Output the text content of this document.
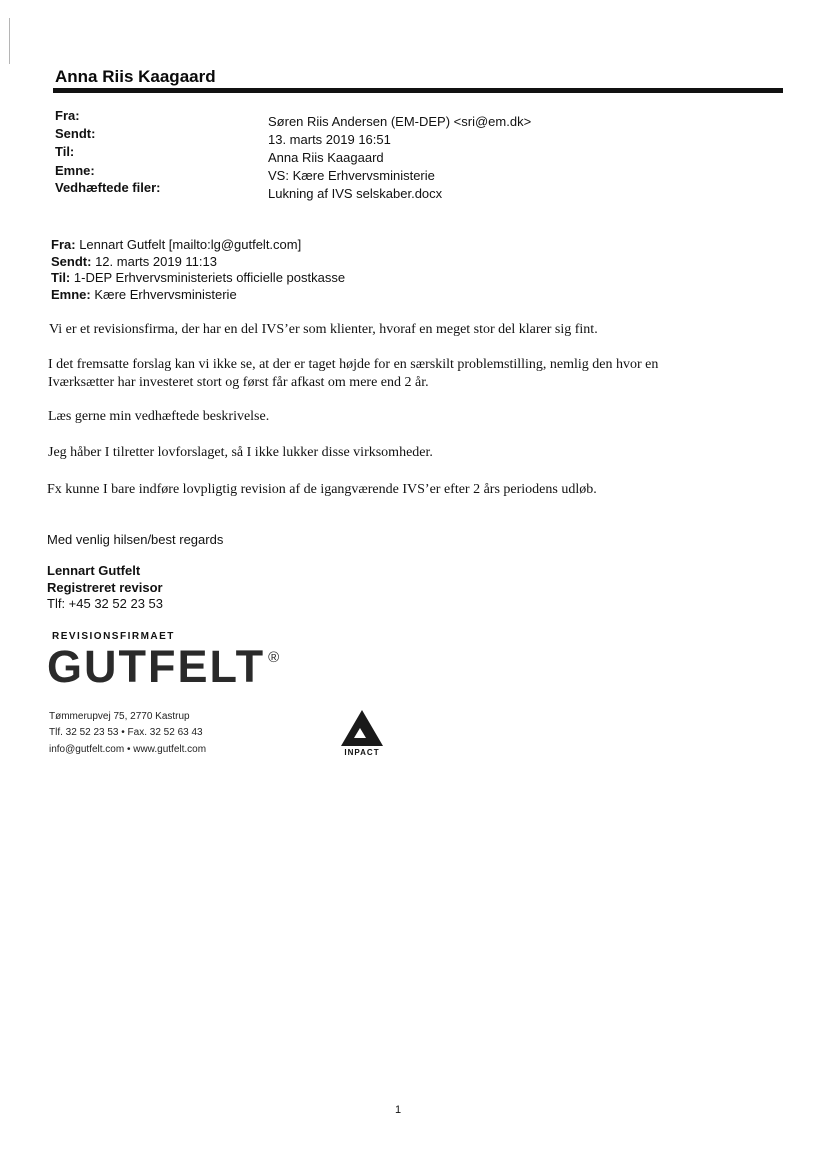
Anna Riis Kaagaard
Fra:	Søren Riis Andersen (EM-DEP) <sri@em.dk>
Sendt:	13. marts 2019 16:51
Til:	Anna Riis Kaagaard
Emne:	VS: Kære Erhvervsministerie
Vedhæftede filer:	Lukning af IVS selskaber.docx
Fra: Lennart Gutfelt [mailto:lg@gutfelt.com]
Sendt: 12. marts 2019 11:13
Til: 1-DEP Erhvervsministeriets officielle postkasse
Emne: Kære Erhvervsministerie
Vi er et revisionsfirma, der har en del IVS’er som klienter, hvoraf en meget stor del klarer sig fint.
I det fremsatte forslag kan vi ikke se, at der er taget højde for en særskilt problemstilling, nemlig den hvor en
Iværksætter har investeret stort og først får afkast om mere end 2 år.
Læs gerne min vedhæftede beskrivelse.
Jeg håber I tilretter lovforslaget, så I ikke lukker disse virksomheder.
Fx kunne I bare indføre lovpligtig revision af de igangværende IVS’er efter 2 års periodens udløb.
Med venlig hilsen/best regards
Lennart Gutfelt
Registreret revisor
Tlf: +45 32 52 23 53
REVISIONSFIRMAET
GUTFELT ®
Tømmerupvej 75, 2770 Kastrup
Tlf. 32 52 23 53 • Fax. 32 52 63 43
info@gutfelt.com • www.gutfelt.com	INPACT
1
